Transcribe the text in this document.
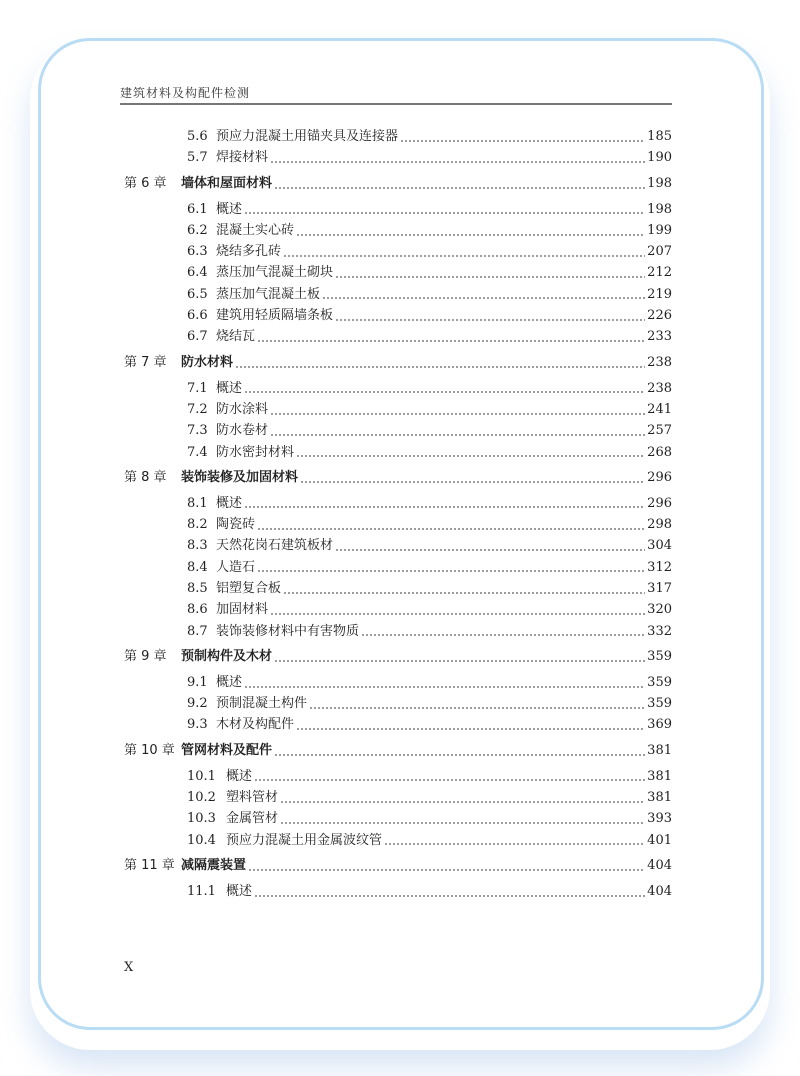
建筑材料及构配件检测
5.6 预应力混凝土用锚夹具及连接器	185
5.7 焊接材料	190
第 6 章	墙体和屋面材料	198
6.1 概述	198
6.2 混凝土实心砖	199
6.3 烧结多孔砖	207
6.4 蒸压加气混凝土砌块	212
6.5 蒸压加气混凝土板	219
6.6 建筑用轻质隔墙条板	226
6.7 烧结瓦	233
第 7 章	防水材料	238
7.1 概述	238
7.2 防水涂料	241
7.3 防水卷材	257
7.4 防水密封材料	268
第 8 章	装饰装修及加固材料	296
8.1 概述	296
8.2 陶瓷砖	298
8.3 天然花岗石建筑板材	304
8.4 人造石	312
8.5 铝塑复合板	317
8.6 加固材料	320
8.7 装饰装修材料中有害物质	332
第 9 章	预制构件及木材	359
9.1 概述	359
9.2 预制混凝土构件	359
9.3 木材及构配件	369
第 10 章 管网材料及配件	381
10.1 概述	381
10.2 塑料管材	381
10.3 金属管材	393
10.4 预应力混凝土用金属波纹管	401
第 11 章 减隔震装置	404
11.1 概述	404
X
